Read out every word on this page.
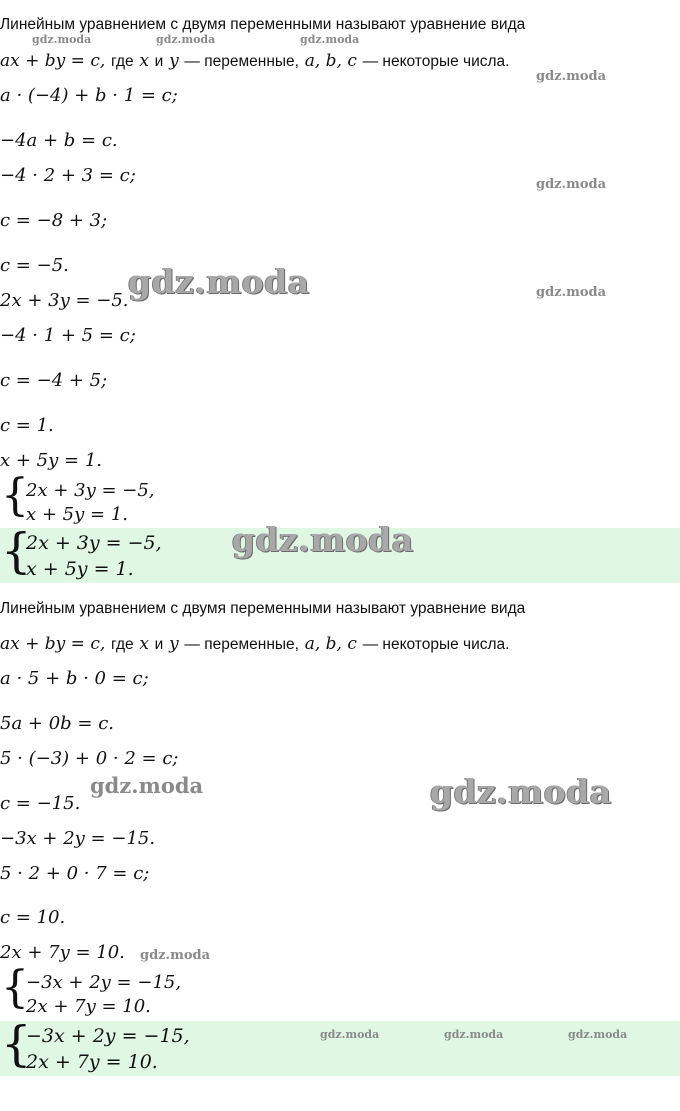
Линейным уравнением с двумя переменными называют уравнение вида
ax + by = c, где x и y — переменные, a, b, c — некоторые числа.
a · (−4) + b · 1 = c;
−4a + b = c.
−4 · 2 + 3 = c;
c = −8 + 3;
c = −5.
2x + 3y = −5.
−4 · 1 + 5 = c;
c = −4 + 5;
c = 1.
x + 5y = 1.
{
2x + 3y = −5,
x + 5y = 1.
{
2x + 3y = −5,
x + 5y = 1.
Линейным уравнением с двумя переменными называют уравнение вида
ax + by = c, где x и y — переменные, a, b, c — некоторые числа.
a · 5 + b · 0 = c;
5a + 0b = c.
5 · (−3) + 0 · 2 = c;
c = −15.
−3x + 2y = −15.
5 · 2 + 0 · 7 = c;
c = 10.
2x + 7y = 10.
{
−3x + 2y = −15,
2x + 7y = 10.
{
−3x + 2y = −15,
2x + 7y = 10.
gdz.moda	gdz.moda	gdz.moda
gdz.moda
gdz.moda
gdz.moda
gdz.moda
gdz.moda
gdz.moda	gdz.moda
gdz.moda
gdz.moda	gdz.moda	gdz.moda
